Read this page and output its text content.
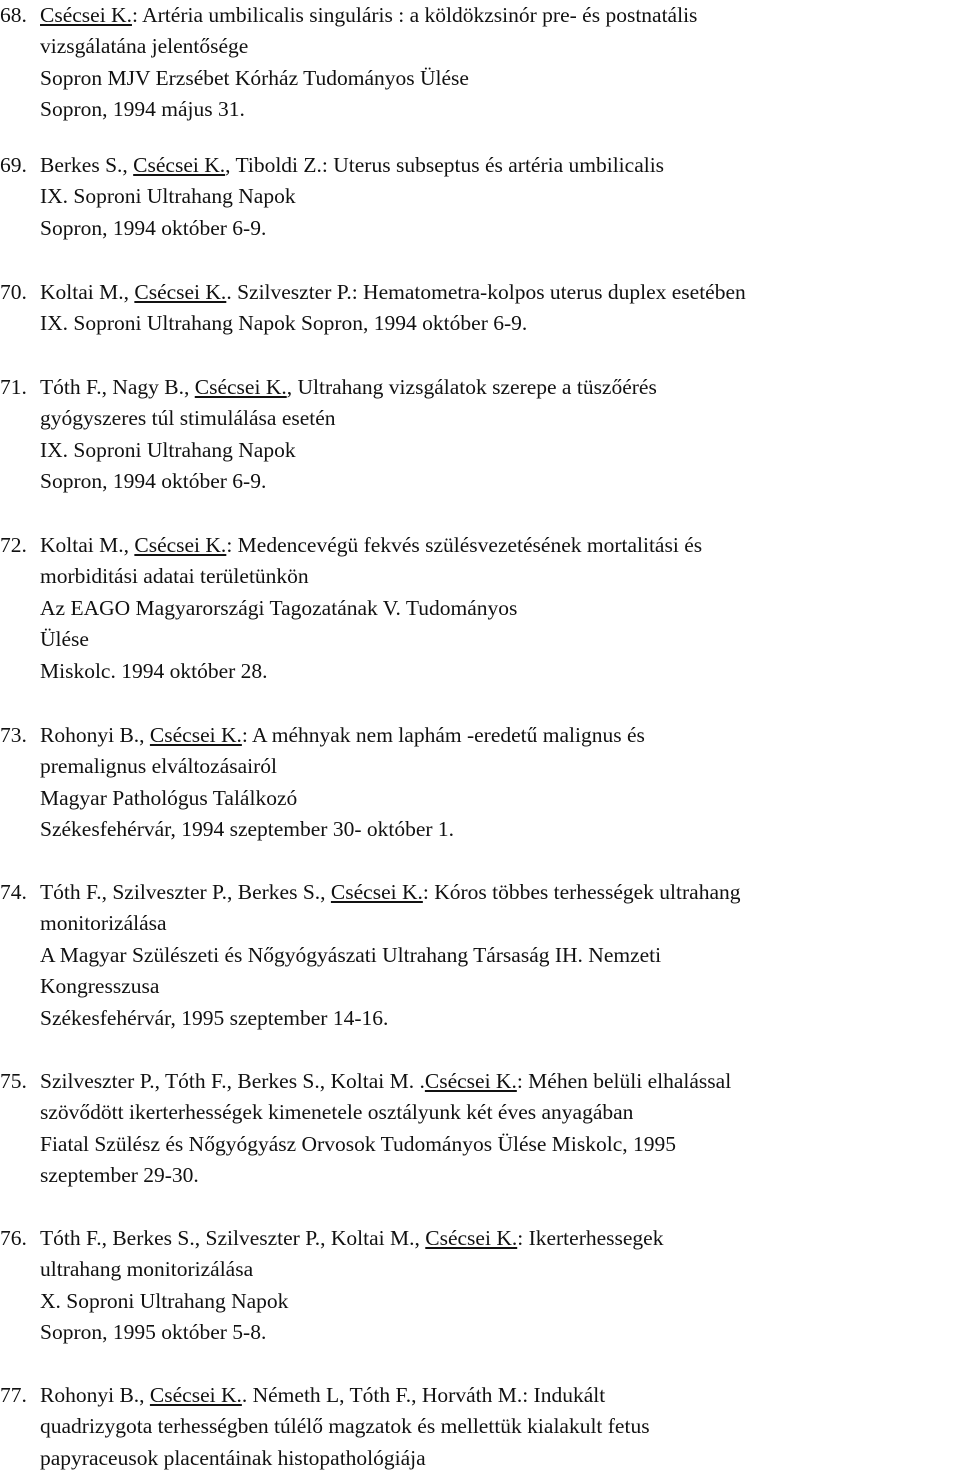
68. Csécsei K.: Artéria umbilicalis singuláris : a köldökzsinór pre- és postnatális
vizsgálatána jelentősége
Sopron MJV Erzsébet Kórház Tudományos Ülése
Sopron, 1994 május 31.
69. Berkes S., Csécsei K., Tiboldi Z.: Uterus subseptus és artéria umbilicalis
IX. Soproni Ultrahang Napok
Sopron, 1994 október 6-9.
70. Koltai M., Csécsei K.. Szilveszter P.: Hematometra-kolpos uterus duplex esetében
IX. Soproni Ultrahang Napok Sopron, 1994 október 6-9.
71. Tóth F., Nagy B., Csécsei K., Ultrahang vizsgálatok szerepe a tüszőérés
gyógyszeres túl stimulálása esetén
IX. Soproni Ultrahang Napok
Sopron, 1994 október 6-9.
72. Koltai M., Csécsei K.: Medencevégü fekvés szülésvezetésének mortalitási és
morbiditási adatai területünkön
Az EAGO Magyarországi Tagozatának V. Tudományos
Ülése
Miskolc. 1994 október 28.
73. Rohonyi B., Csécsei K.: A méhnyak nem laphám -eredetű malignus és
premalignus elváltozásairól
Magyar Pathológus Találkozó
Székesfehérvár, 1994 szeptember 30- október 1.
74. Tóth F., Szilveszter P., Berkes S., Csécsei K.: Kóros többes terhességek ultrahang
monitorizálása
A Magyar Szülészeti és Nőgyógyászati Ultrahang Társaság IH. Nemzeti
Kongresszusa
Székesfehérvár, 1995 szeptember 14-16.
75. Szilveszter P., Tóth F., Berkes S., Koltai M. .Csécsei K.: Méhen belüli elhalással
szövődött ikerterhességek kimenetele osztályunk két éves anyagában
Fiatal Szülész és Nőgyógyász Orvosok Tudományos Ülése Miskolc, 1995
szeptember 29-30.
76. Tóth F., Berkes S., Szilveszter P., Koltai M., Csécsei K.: Ikerterhessegek
ultrahang monitorizálása
X. Soproni Ultrahang Napok
Sopron, 1995 október 5-8.
77. Rohonyi B., Csécsei K.. Németh L, Tóth F., Horváth M.: Indukált
quadrizygota terhességben túlélő magzatok és mellettük kialakult fetus
papyraceusok placentáinak histopathológiája
